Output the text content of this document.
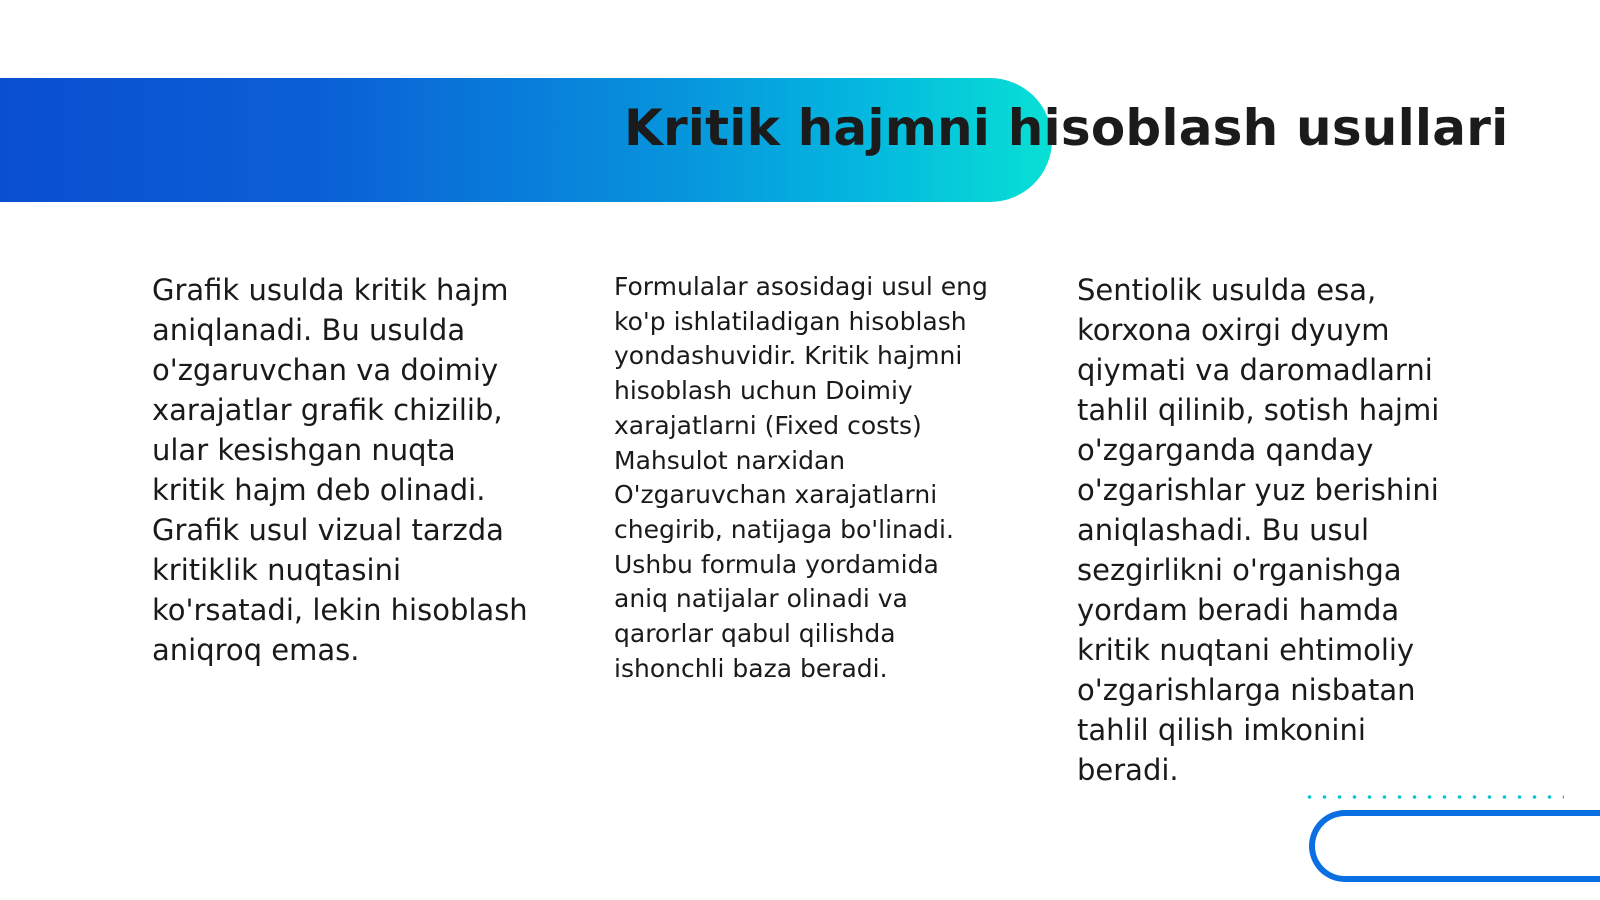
Kritik hajmni hisoblash usullari
Grafik usulda kritik hajm aniqlanadi. Bu usulda o'zgaruvchan va doimiy xarajatlar grafik chizilib, ular kesishgan nuqta kritik hajm deb olinadi. Grafik usul vizual tarzda kritiklik nuqtasini ko'rsatadi, lekin hisoblash aniqroq emas.
Formulalar asosidagi usul eng ko'p ishlatiladigan hisoblash yondashuvidir. Kritik hajmni hisoblash uchun Doimiy xarajatlarni (Fixed costs) Mahsulot narxidan O'zgaruvchan xarajatlarni chegirib, natijaga bo'linadi. Ushbu formula yordamida aniq natijalar olinadi va qarorlar qabul qilishda ishonchli baza beradi.
Sentiolik usulda esa, korxona oxirgi dyuym qiymati va daromadlarni tahlil qilinib, sotish hajmi o'zgarganda qanday o'zgarishlar yuz berishini aniqlashadi. Bu usul sezgirlikni o'rganishga yordam beradi hamda kritik nuqtani ehtimoliy o'zgarishlarga nisbatan tahlil qilish imkonini beradi.
